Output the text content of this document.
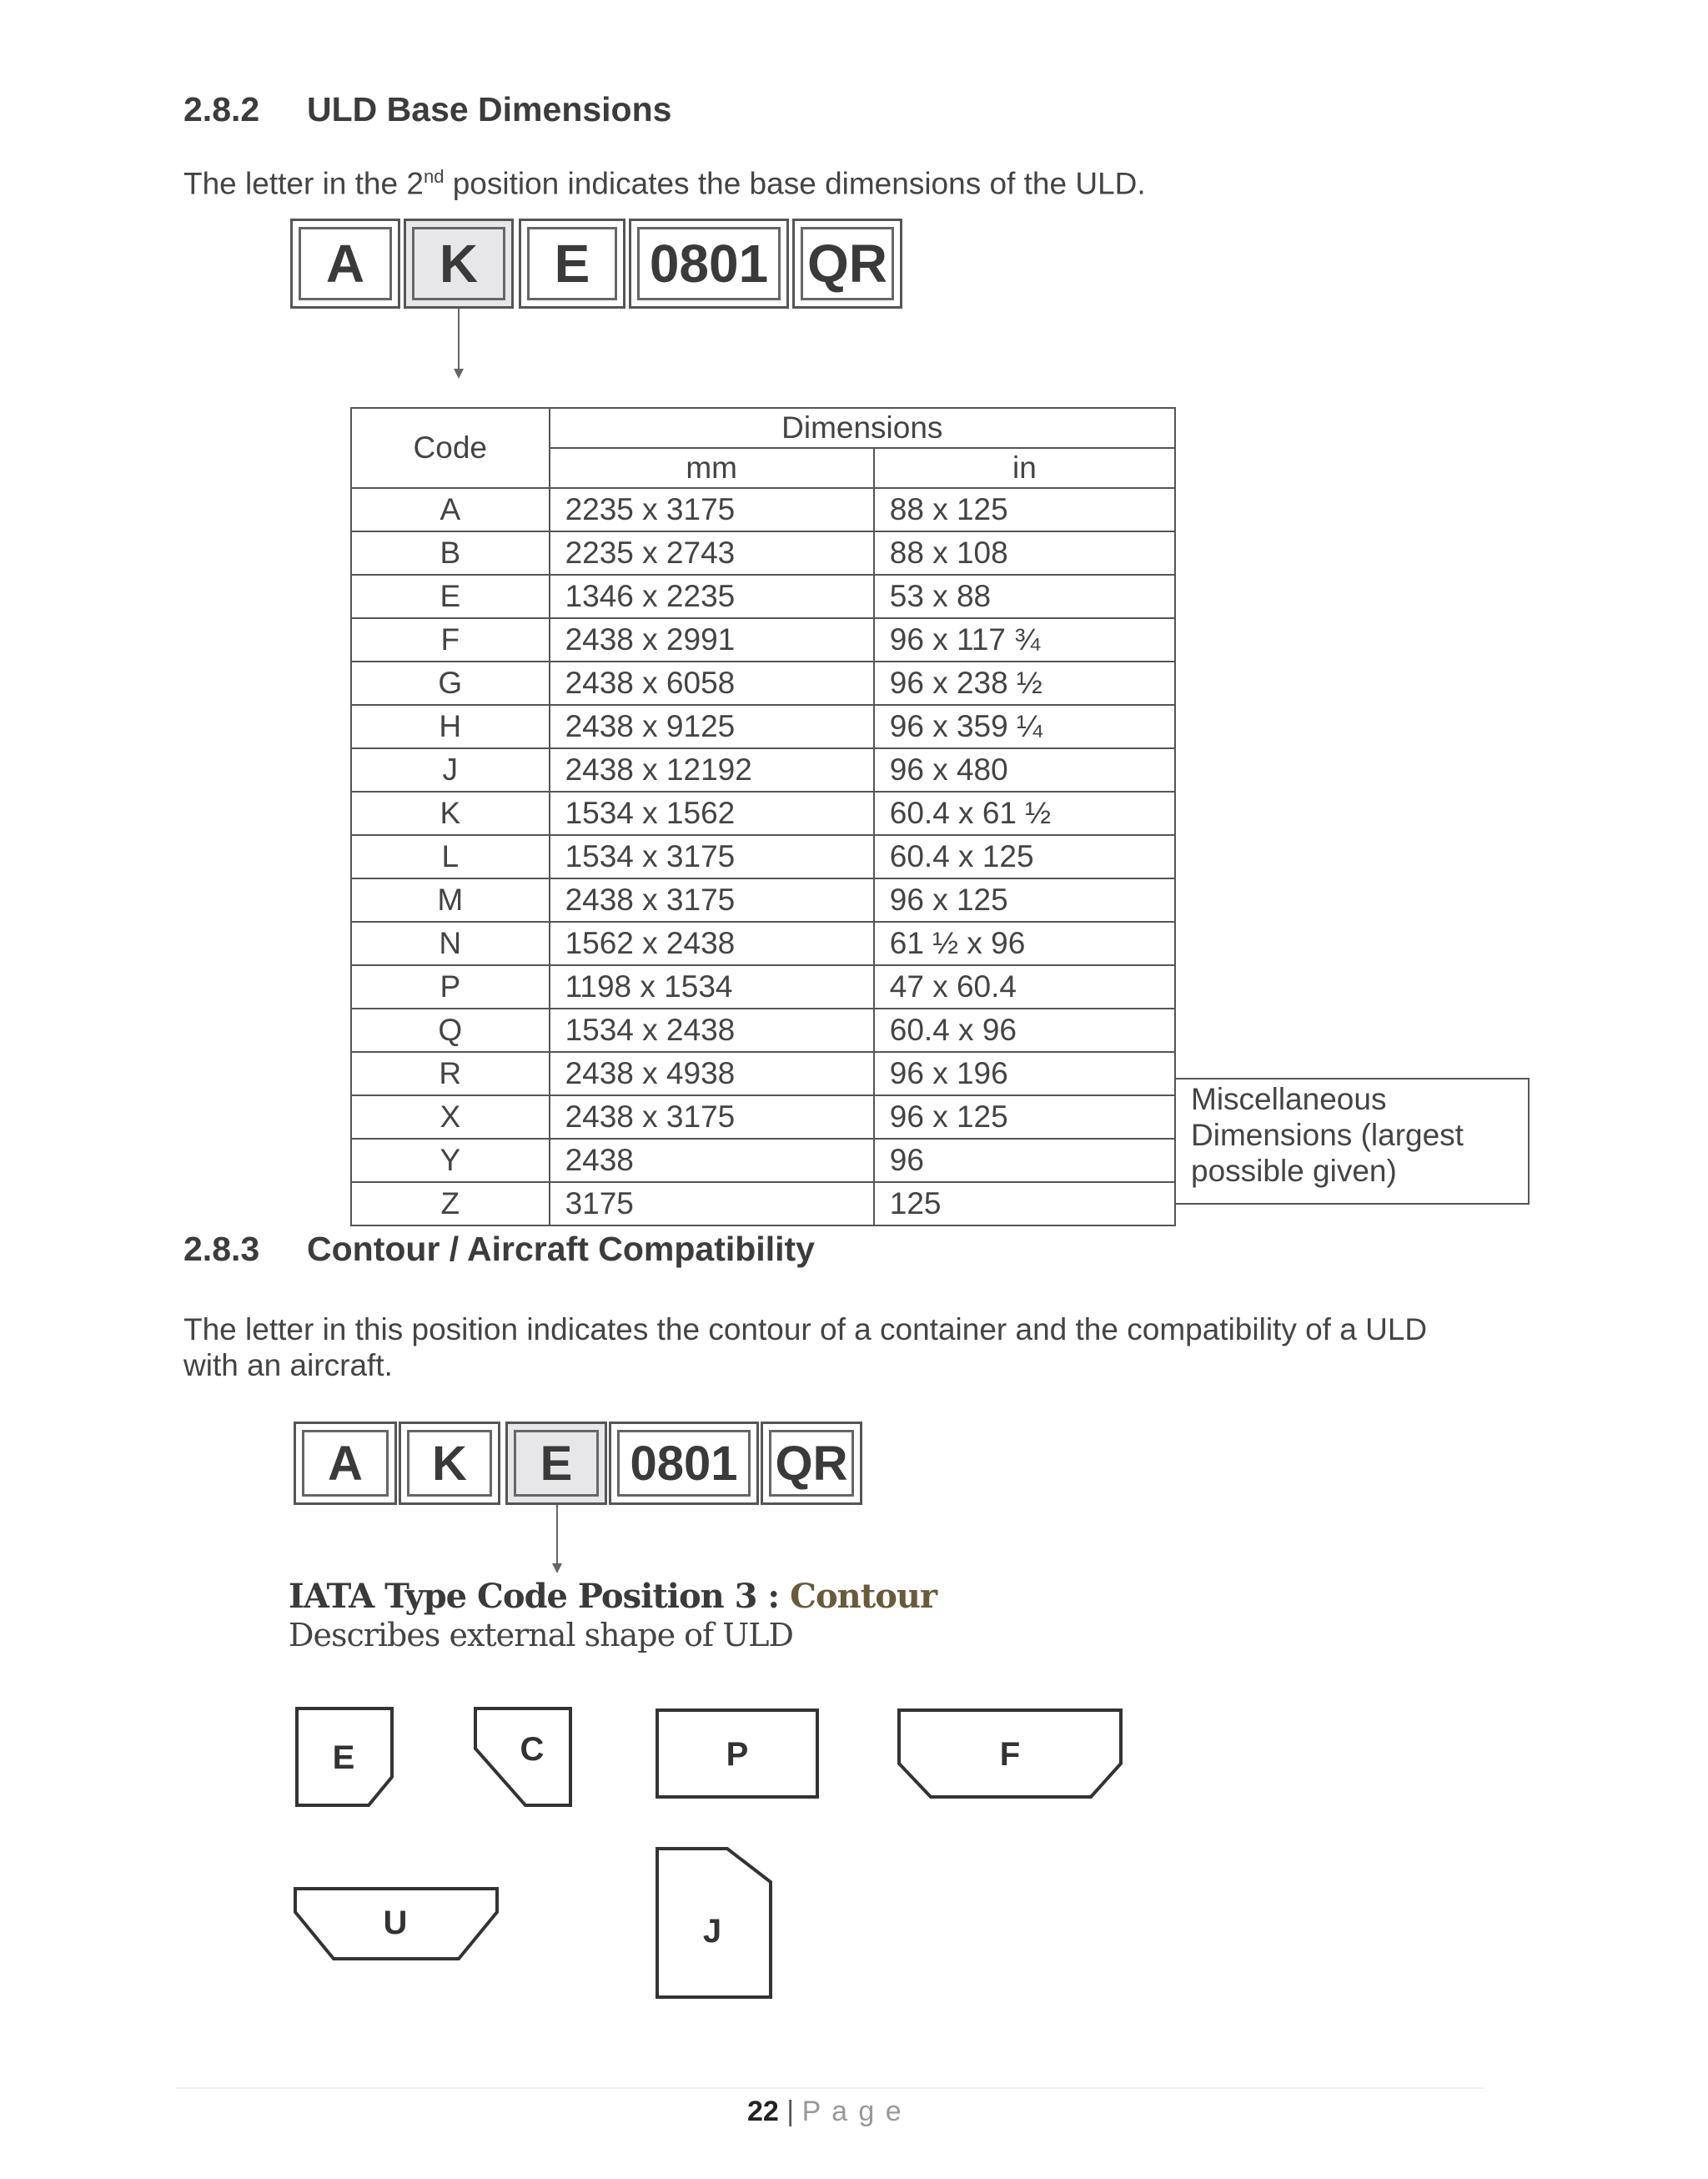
2.8.2 ULD Base Dimensions
The letter in the 2nd position indicates the base dimensions of the ULD.
A	K	E	0801 QR
Code	Dimensions	
	mm	in
A	2235 x 3175	88 x 125
B	2235 x 2743	88 x 108
E	1346 x 2235	53 x 88
F	2438 x 2991	96 x 117 ¾
G	2438 x 6058	96 x 238 ½
H	2438 x 9125	96 x 359 ¼
J	2438 x 12192	96 x 480
K	1534 x 1562	60.4 x 61 ½
L	1534 x 3175	60.4 x 125
M	2438 x 3175	96 x 125
N	1562 x 2438	61 ½ x 96
P	1198 x 1534	47 x 60.4
Q	1534 x 2438	60.4 x 96
R	2438 x 4938	96 x 196
X	2438 x 3175	96 x 125
Y	2438	96
Z	3175	125
Miscellaneous
Dimensions (largest
possible given)
2.8.3 Contour / Aircraft Compatibility
The letter in this position indicates the contour of a container and the compatibility of a ULD
with an aircraft.
A	K	E	0801 QR
IATA Type Code Position 3 : Contour
Describes external shape of ULD
E	C	P	F
U	J
22 | P a g e
